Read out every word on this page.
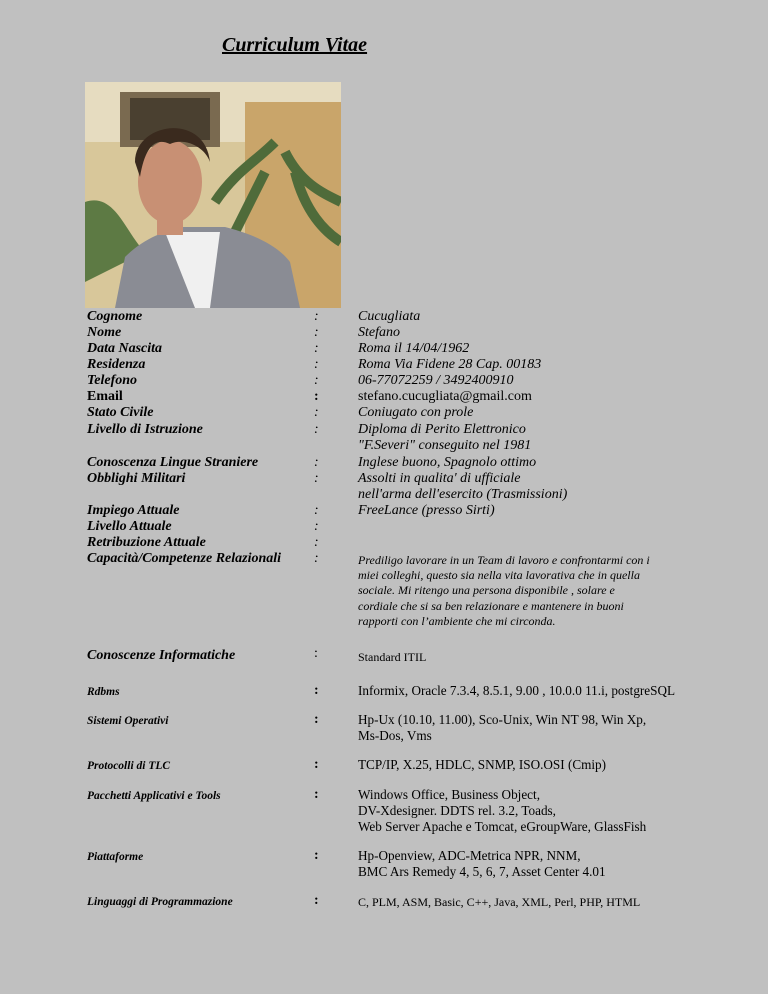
Curriculum Vitae
Cognome	:	Cucugliata
Nome	:	Stefano
Data Nascita	:	Roma il 14/04/1962
Residenza	:	Roma Via Fidene 28 Cap. 00183
Telefono	:	06-77072259 / 3492400910
Email	:	stefano.cucugliata@gmail.com
Stato Civile	:	Coniugato con prole
Livello di Istruzione	:	Diploma di Perito Elettronico
"F.Severi" conseguito nel 1981
Conoscenza Lingue Straniere	:	Inglese buono, Spagnolo ottimo
Obblighi Militari	:	Assolti in qualita' di ufficiale
nell'arma dell'esercito (Trasmissioni)
Impiego Attuale	:	FreeLance (presso Sirti)
Livello Attuale	:
Retribuzione Attuale	:
Capacità/Competenze Relazionali :	Prediligo lavorare in un Team di lavoro e confrontarmi con i
miei colleghi, questo sia nella vita lavorativa che in quella
sociale. Mi ritengo una persona disponibile , solare e
cordiale che si sa ben relazionare e mantenere in buoni
rapporti con l’ambiente che mi circonda.
Conoscenze Informatiche	:	Standard ITIL
Rdbms	:	Informix, Oracle 7.3.4, 8.5.1, 9.00 , 10.0.0 11.i, postgreSQL
Sistemi Operativi	:	Hp-Ux (10.10, 11.00), Sco-Unix, Win NT 98, Win Xp,
Ms-Dos, Vms
Protocolli di TLC	:	TCP/IP, X.25, HDLC, SNMP, ISO.OSI (Cmip)
Pacchetti Applicativi e Tools	:	Windows Office, Business Object,
DV-Xdesigner. DDTS rel. 3.2, Toads,
Web Server Apache e Tomcat, eGroupWare, GlassFish
Piattaforme	:	Hp-Openview, ADC-Metrica NPR, NNM,
BMC Ars Remedy 4, 5, 6, 7, Asset Center 4.01
Linguaggi di Programmazione	:	C, PLM, ASM, Basic, C++, Java, XML, Perl, PHP, HTML
